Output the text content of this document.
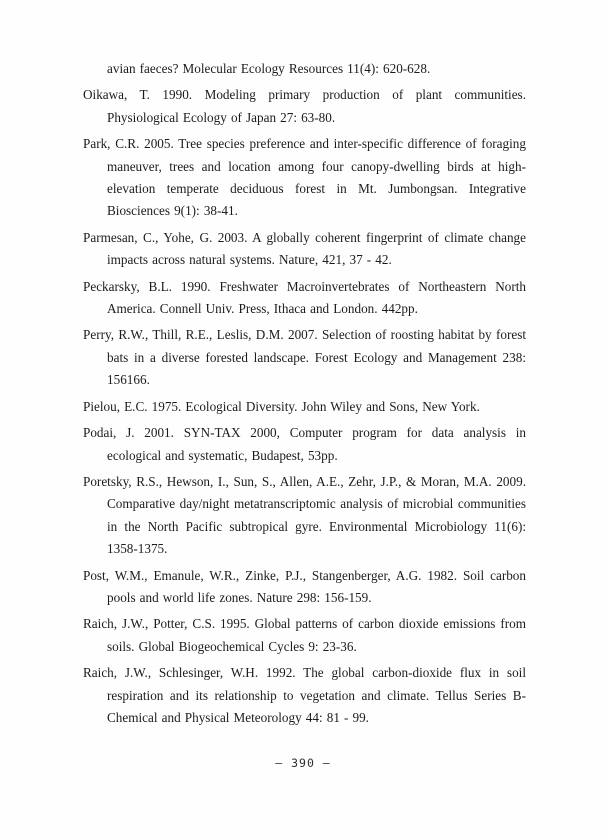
avian faeces? Molecular Ecology Resources 11(4): 620-628.

Oikawa, T. 1990. Modeling primary production of plant communities. Physiological Ecology of Japan 27: 63-80.

Park, C.R. 2005. Tree species preference and inter-specific difference of foraging maneuver, trees and location among four canopy-dwelling birds at high-elevation temperate deciduous forest in Mt. Jumbongsan. Integrative Biosciences 9(1): 38-41.

Parmesan, C., Yohe, G. 2003. A globally coherent fingerprint of climate change impacts across natural systems. Nature, 421, 37 - 42.

Peckarsky, B.L. 1990. Freshwater Macroinvertebrates of Northeastern North America. Connell Univ. Press, Ithaca and London. 442pp.

Perry, R.W., Thill, R.E., Leslis, D.M. 2007. Selection of roosting habitat by forest bats in a diverse forested landscape. Forest Ecology and Management 238: 156166.

Pielou, E.C. 1975. Ecological Diversity. John Wiley and Sons, New York.

Podai, J. 2001. SYN-TAX 2000, Computer program for data analysis in ecological and systematic, Budapest, 53pp.

Poretsky, R.S., Hewson, I., Sun, S., Allen, A.E., Zehr, J.P., & Moran, M.A. 2009. Comparative day/night metatranscriptomic analysis of microbial communities in the North Pacific subtropical gyre. Environmental Microbiology 11(6): 1358-1375.

Post, W.M., Emanule, W.R., Zinke, P.J., Stangenberger, A.G. 1982. Soil carbon pools and world life zones. Nature 298: 156-159.

Raich, J.W., Potter, C.S. 1995. Global patterns of carbon dioxide emissions from soils. Global Biogeochemical Cycles 9: 23-36.

Raich, J.W., Schlesinger, W.H. 1992. The global carbon-dioxide flux in soil respiration and its relationship to vegetation and climate. Tellus Series B-Chemical and Physical Meteorology 44: 81 - 99.

– 390 –
